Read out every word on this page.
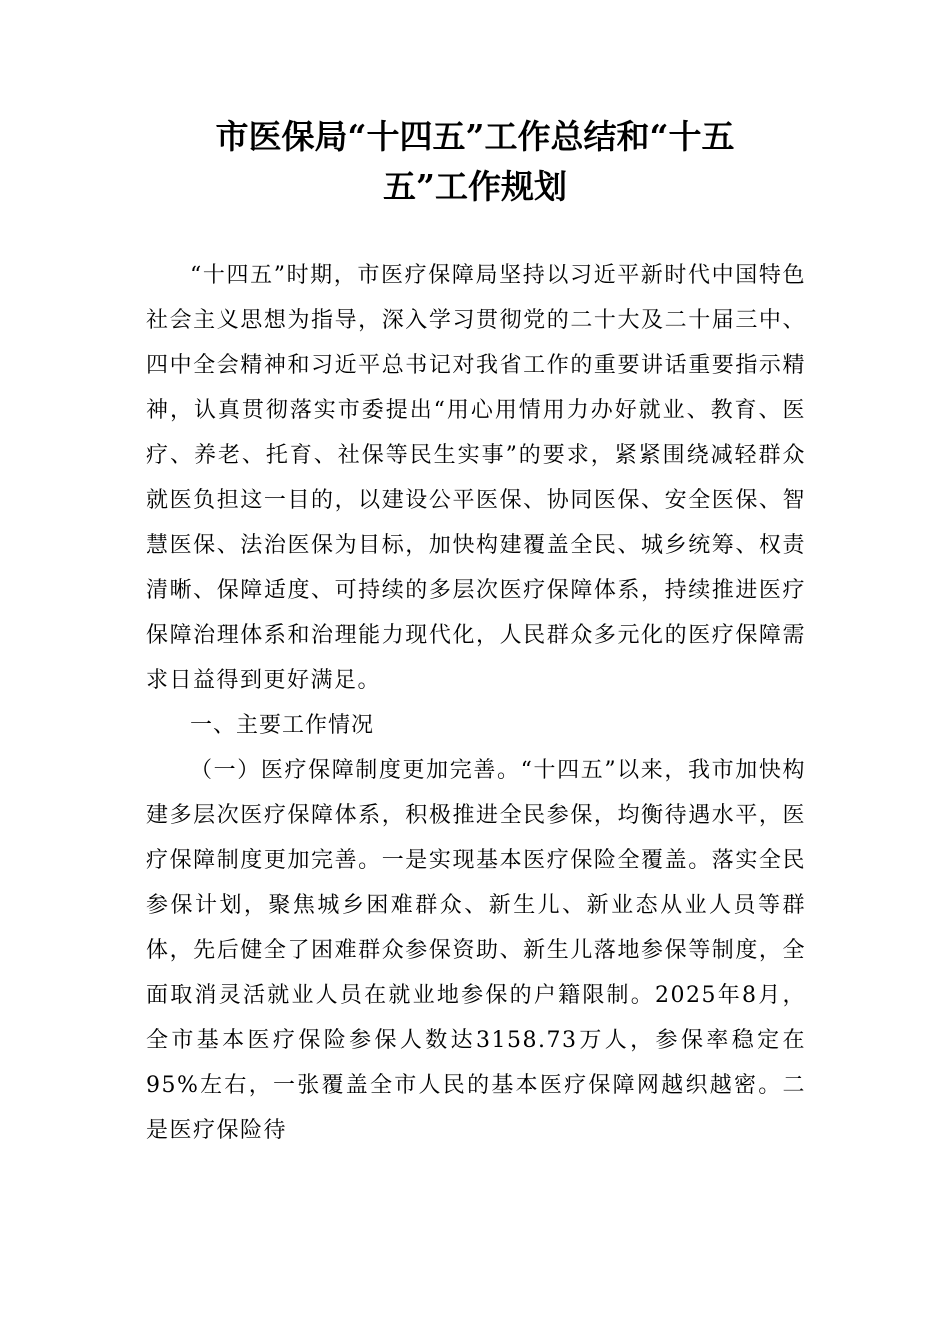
市医保局“十四五”工作总结和“十五
五”工作规划

“十四五”时期，市医疗保障局坚持以习近平新时代中国特色社会主义思想为指导，深入学习贯彻党的二十大及二十届三中、四中全会精神和习近平总书记对我省工作的重要讲话重要指示精神，认真贯彻落实市委提出“用心用情用力办好就业、教育、医疗、养老、托育、社保等民生实事”的要求，紧紧围绕减轻群众就医负担这一目的，以建设公平医保、协同医保、安全医保、智慧医保、法治医保为目标，加快构建覆盖全民、城乡统筹、权责清晰、保障适度、可持续的多层次医疗保障体系，持续推进医疗保障治理体系和治理能力现代化，人民群众多元化的医疗保障需求日益得到更好满足。

一、主要工作情况

（一）医疗保障制度更加完善。“十四五”以来，我市加快构建多层次医疗保障体系，积极推进全民参保，均衡待遇水平，医疗保障制度更加完善。一是实现基本医疗保险全覆盖。落实全民参保计划，聚焦城乡困难群众、新生儿、新业态从业人员等群体，先后健全了困难群众参保资助、新生儿落地参保等制度，全面取消灵活就业人员在就业地参保的户籍限制。2025年8月，全市基本医疗保险参保人数达3158.73万人，参保率稳定在95%左右，一张覆盖全市人民的基本医疗保障网越织越密。二是医疗保险待
